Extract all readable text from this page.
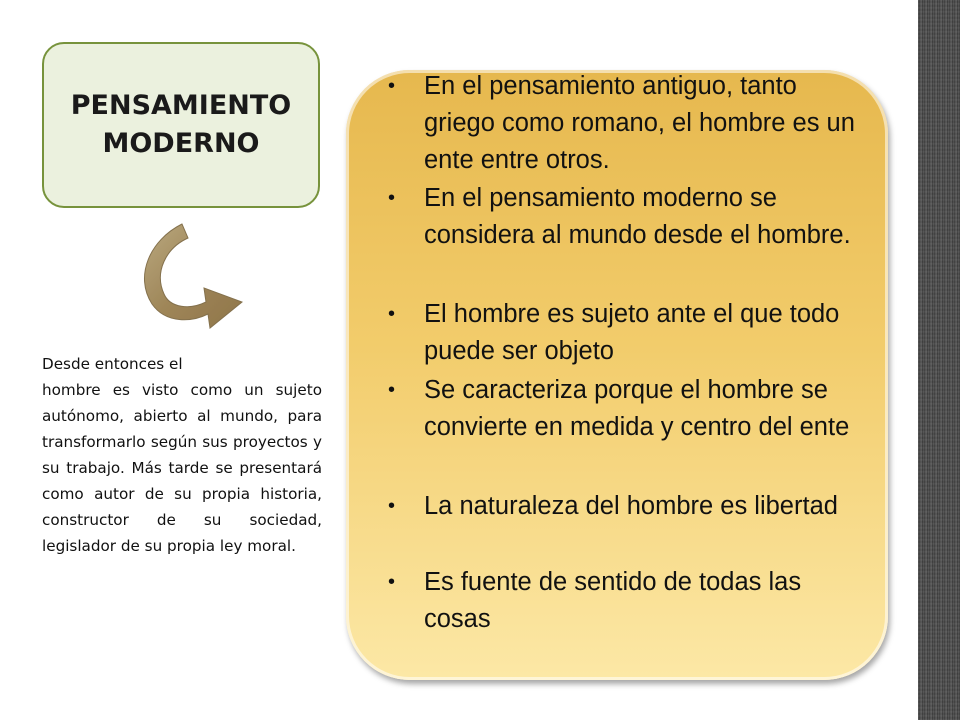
PENSAMIENTO MODERNO

Desde entonces el

hombre es visto como un sujeto autónomo, abierto al mundo, para transformarlo según sus proyectos y su trabajo. Más tarde se presentará como autor de su propia historia, constructor de su sociedad, legislador de su propia ley moral.

• En el pensamiento antiguo, tanto griego como romano, el hombre es un ente entre otros.
• En el pensamiento moderno se considera al mundo desde el hombre.
• El hombre es sujeto ante el que todo puede ser objeto
• Se caracteriza porque el hombre se convierte en medida y centro del ente
• La naturaleza del hombre es libertad
• Es fuente de sentido de todas las cosas
